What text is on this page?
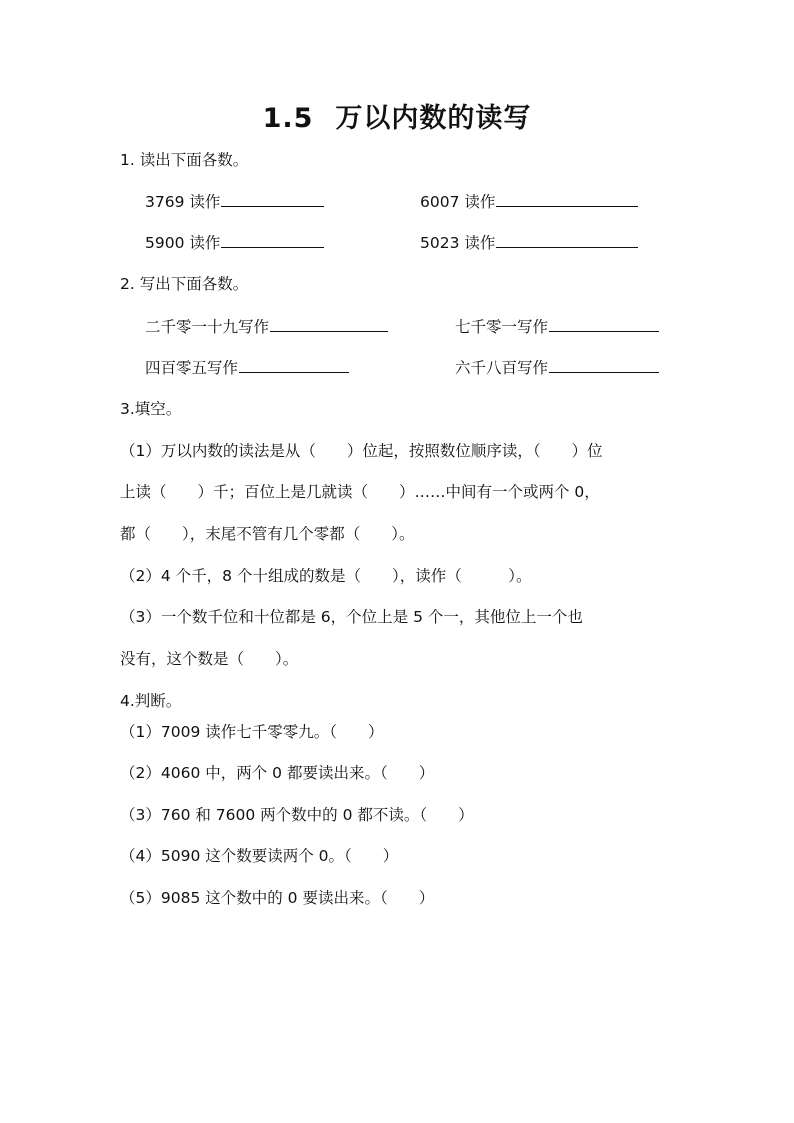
1.5 万以内数的读写
1. 读出下面各数。
3769 读作	6007 读作
5900 读作	5023 读作
2. 写出下面各数。
二千零一十九写作	七千零一写作
四百零五写作	六千八百写作
3.填空。
（1）万以内数的读法是从（　　）位起，按照数位顺序读，（　　）位
上读（　　）千；百位上是几就读（　　）……中间有一个或两个 0，
都（　　），末尾不管有几个零都（　　）。
（2）4 个千，8 个十组成的数是（　　），读作（　　　）。
（3）一个数千位和十位都是 6，个位上是 5 个一，其他位上一个也
没有，这个数是（　　）。
4.判断。
（1）7009 读作七千零零九。（　　）
（2）4060 中，两个 0 都要读出来。（　　）
（3）760 和 7600 两个数中的 0 都不读。（　　）
（4）5090 这个数要读两个 0。（　　）
（5）9085 这个数中的 0 要读出来。（　　）
